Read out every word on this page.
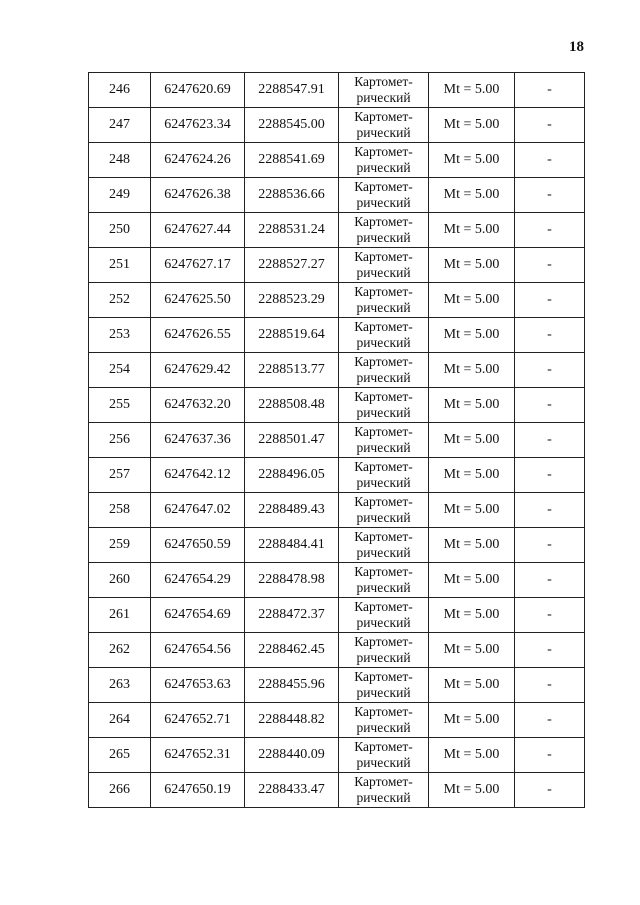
18
246	6247620.69	2288547.91	Картомет-
рический	Mt = 5.00	-
247	6247623.34	2288545.00	Картомет-
рический	Mt = 5.00	-
248	6247624.26	2288541.69	Картомет-
рический	Mt = 5.00	-
249	6247626.38	2288536.66	Картомет-
рический	Mt = 5.00	-
250	6247627.44	2288531.24	Картомет-
рический	Mt = 5.00	-
251	6247627.17	2288527.27	Картомет-
рический	Mt = 5.00	-
252	6247625.50	2288523.29	Картомет-
рический	Mt = 5.00	-
253	6247626.55	2288519.64	Картомет-
рический	Mt = 5.00	-
254	6247629.42	2288513.77	Картомет-
рический	Mt = 5.00	-
255	6247632.20	2288508.48	Картомет-
рический	Mt = 5.00	-
256	6247637.36	2288501.47	Картомет-
рический	Mt = 5.00	-
257	6247642.12	2288496.05	Картомет-
рический	Mt = 5.00	-
258	6247647.02	2288489.43	Картомет-
рический	Mt = 5.00	-
259	6247650.59	2288484.41	Картомет-
рический	Mt = 5.00	-
260	6247654.29	2288478.98	Картомет-
рический	Mt = 5.00	-
261	6247654.69	2288472.37	Картомет-
рический	Mt = 5.00	-
262	6247654.56	2288462.45	Картомет-
рический	Mt = 5.00	-
263	6247653.63	2288455.96	Картомет-
рический	Mt = 5.00	-
264	6247652.71	2288448.82	Картомет-
рический	Mt = 5.00	-
265	6247652.31	2288440.09	Картомет-
рический	Mt = 5.00	-
266	6247650.19	2288433.47	Картомет-
рический	Mt = 5.00	-
